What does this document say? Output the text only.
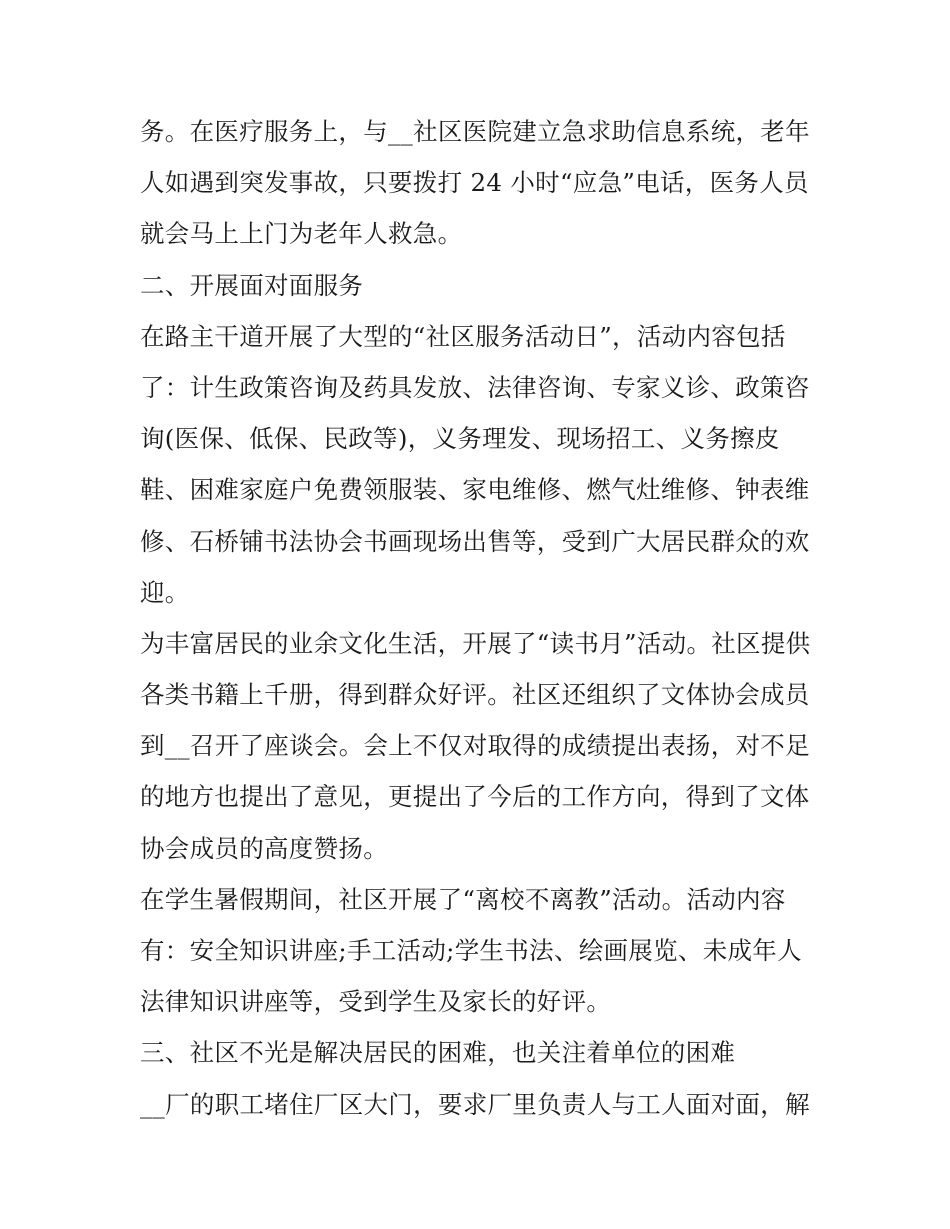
务。在医疗服务上，与__社区医院建立急求助信息系统，老年
人如遇到突发事故，只要拨打 24 小时“应急”电话，医务人员
就会马上上门为老年人救急。
二、开展面对面服务
在路主干道开展了大型的“社区服务活动日”，活动内容包括
了：计生政策咨询及药具发放、法律咨询、专家义诊、政策咨
询(医保、低保、民政等)，义务理发、现场招工、义务擦皮
鞋、困难家庭户免费领服装、家电维修、燃气灶维修、钟表维
修、石桥铺书法协会书画现场出售等，受到广大居民群众的欢
迎。
为丰富居民的业余文化生活，开展了“读书月”活动。社区提供
各类书籍上千册，得到群众好评。社区还组织了文体协会成员
到__召开了座谈会。会上不仅对取得的成绩提出表扬，对不足
的地方也提出了意见，更提出了今后的工作方向，得到了文体
协会成员的高度赞扬。
在学生暑假期间，社区开展了“离校不离教”活动。活动内容
有：安全知识讲座;手工活动;学生书法、绘画展览、未成年人
法律知识讲座等，受到学生及家长的好评。
三、社区不光是解决居民的困难，也关注着单位的困难
__厂的职工堵住厂区大门，要求厂里负责人与工人面对面，解
